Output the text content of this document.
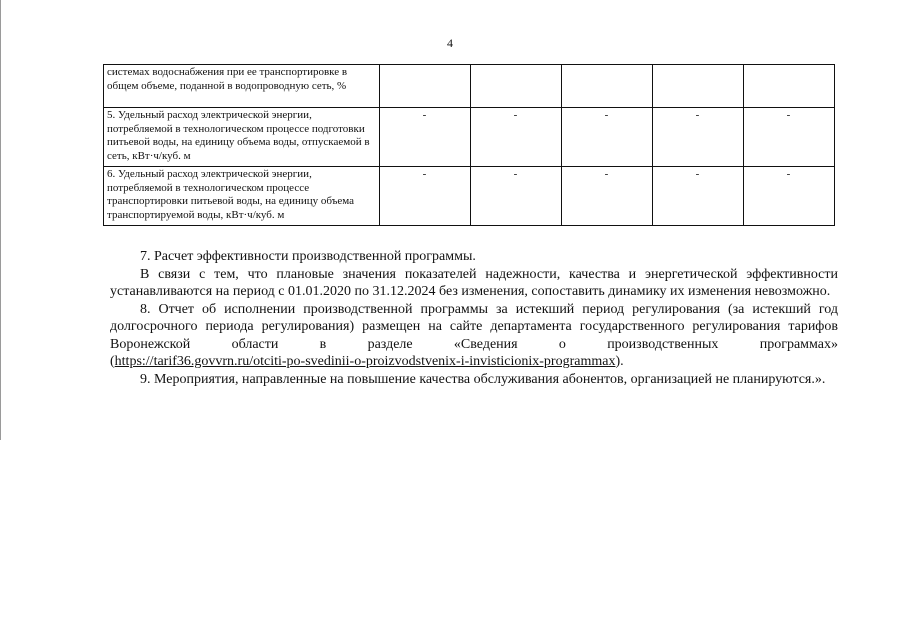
4
системах водоснабжения при ее транспортировке в общем объеме, поданной в водопроводную сеть, %					
5. Удельный расход электрической энергии, потребляемой в технологическом процессе подготовки питьевой воды, на единицу объема воды, отпускаемой в сеть, кВт·ч/куб. м	-	-	-	-	-
6. Удельный расход электрической энергии, потребляемой в технологическом процессе транспортировки питьевой воды, на единицу объема транспортируемой воды, кВт·ч/куб. м	-	-	-	-	-

7. Расчет эффективности производственной программы.

В связи с тем, что плановые значения показателей надежности, качества и энергетической эффективности устанавливаются на период с 01.01.2020 по 31.12.2024 без изменения, сопоставить динамику их изменения невозможно.

8. Отчет об исполнении производственной программы за истекший период регулирования (за истекший год долгосрочного периода регулирования) размещен на сайте департамента государственного регулирования тарифов Воронежской области в разделе «Сведения о производственных программах»

(https://tarif36.govvrn.ru/otciti-po-svedinii-o-proizvodstvenix-i-invisticionix-programmax).

9. Мероприятия, направленные на повышение качества обслуживания абонентов, организацией не планируются.».
